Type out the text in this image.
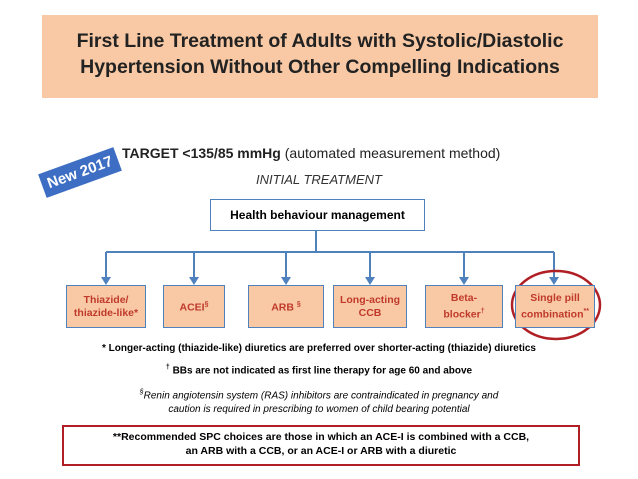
First Line Treatment of Adults with Systolic/Diastolic
Hypertension Without Other Compelling Indications
New 2017 TARGET <135/85 mmHg (automated measurement method)
INITIAL TREATMENT
Health behaviour management
Thiazide/
thiazide-like*	ACEI§	ARB §	Long-acting
CCB
Beta-
blocker†
Single pill
combination**
* Longer-acting (thiazide-like) diuretics are preferred over shorter-acting (thiazide) diuretics
† BBs are not indicated as first line therapy for age 60 and above
§Renin angiotensin system (RAS) inhibitors are contraindicated in pregnancy and
caution is required in prescribing to women of child bearing potential
**Recommended SPC choices are those in which an ACE-I is combined with a CCB,
an ARB with a CCB, or an ACE-I or ARB with a diuretic
